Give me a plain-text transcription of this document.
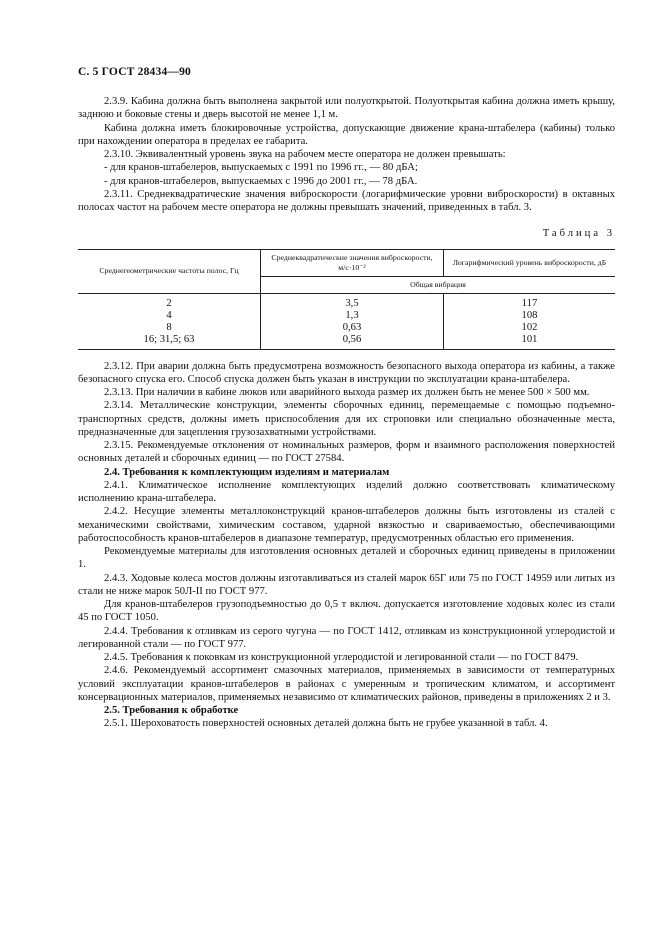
С. 5 ГОСТ 28434—90

2.3.9. Кабина должна быть выполнена закрытой или полуоткрытой. Полуоткрытая кабина должна иметь крышу, заднюю и боковые стены и дверь высотой не менее 1,1 м.

Кабина должна иметь блокировочные устройства, допускающие движение крана-штабелера (кабины) только при нахождении оператора в пределах ее габарита.

2.3.10. Эквивалентный уровень звука на рабочем месте оператора не должен превышать:

- для кранов-штабелеров, выпускаемых с 1991 по 1996 гг., — 80 дБА;

- для кранов-штабелеров, выпускаемых с 1996 до 2001 гг., — 78 дБА.

2.3.11. Среднеквадратические значения виброскорости (логарифмические уровни виброскорости) в октавных полосах частот на рабочем месте оператора не должны превышать значений, приведенных в табл. 3.

Таблица 3
Среднегеометрические частоты полос, Гц	Среднеквадратические значения виброскорости, м/с·10⁻²	Логарифмический уровень виброскорости, дБ
	Общая вибрация	

2	3,5	117
4	1,3	108
8	0,63	102
16; 31,5; 63	0,56	101

2.3.12. При аварии должна быть предусмотрена возможность безопасного выхода оператора из кабины, а также безопасного спуска его. Способ спуска должен быть указан в инструкции по эксплуатации крана-штабелера.

2.3.13. При наличии в кабине люков или аварийного выхода размер их должен быть не менее 500 × 500 мм.

2.3.14. Металлические конструкции, элементы сборочных единиц, перемещаемые с помощью подъемно-транспортных средств, должны иметь приспособления для их строповки или специально обозначенные места, предназначенные для зацепления грузозахватными устройствами.

2.3.15. Рекомендуемые отклонения от номинальных размеров, форм и взаимного расположения поверхностей основных деталей и сборочных единиц — по ГОСТ 27584.

2.4. Требования к комплектующим изделиям и материалам

2.4.1. Климатическое исполнение комплектующих изделий должно соответствовать климатическому исполнению крана-штабелера.

2.4.2. Несущие элементы металлоконструкций кранов-штабелеров должны быть изготовлены из сталей с механическими свойствами, химическим составом, ударной вязкостью и свариваемостью, обеспечивающими работоспособность кранов-штабелеров в диапазоне температур, предусмотренных областью его применения.

Рекомендуемые материалы для изготовления основных деталей и сборочных единиц приведены в приложении 1.

2.4.3. Ходовые колеса мостов должны изготавливаться из сталей марок 65Г или 75 по ГОСТ 14959 или литых из стали не ниже марок 50Л-II по ГОСТ 977.

Для кранов-штабелеров грузоподъемностью до 0,5 т включ. допускается изготовление ходовых колес из стали 45 по ГОСТ 1050.

2.4.4. Требования к отливкам из серого чугуна — по ГОСТ 1412, отливкам из конструкционной углеродистой и легированной стали — по ГОСТ 977.

2.4.5. Требования к поковкам из конструкционной углеродистой и легированной стали — по ГОСТ 8479.

2.4.6. Рекомендуемый ассортимент смазочных материалов, применяемых в зависимости от температурных условий эксплуатации кранов-штабелеров в районах с умеренным и тропическим климатом, и ассортимент консервационных материалов, применяемых независимо от климатических районов, приведены в приложениях 2 и 3.

2.5. Требования к обработке

2.5.1. Шероховатость поверхностей основных деталей должна быть не грубее указанной в табл. 4.
